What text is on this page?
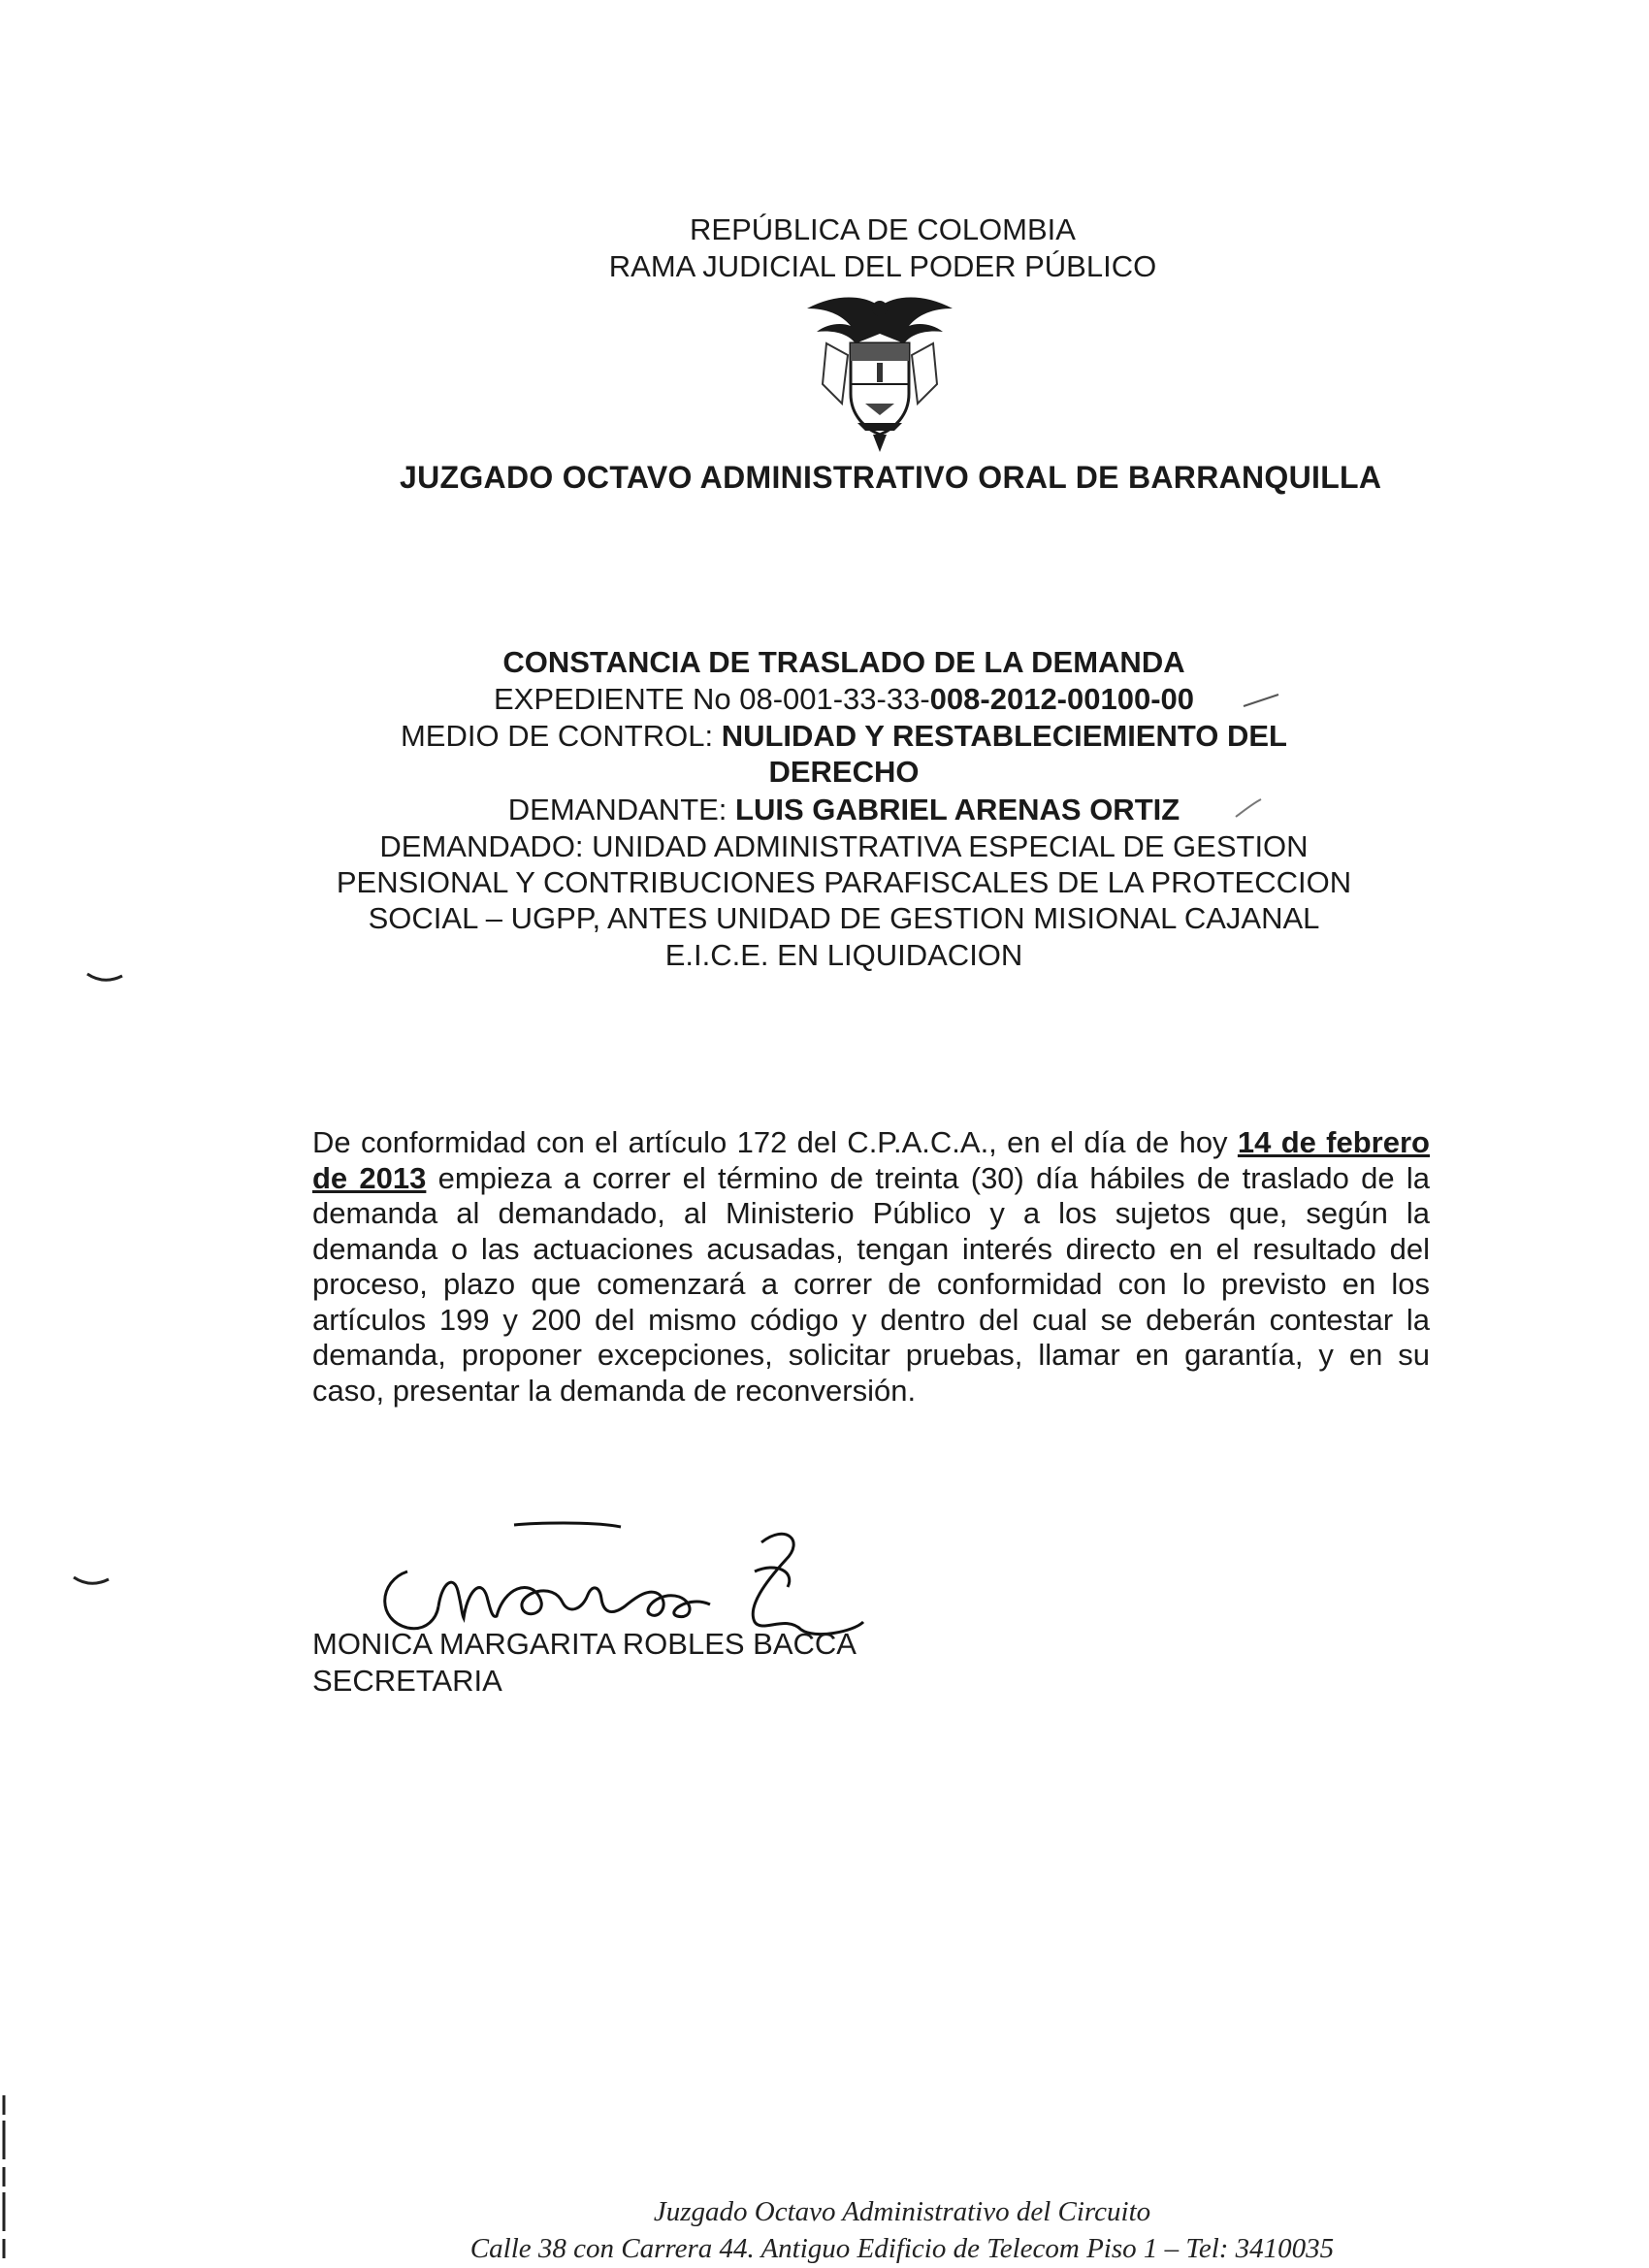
REPÚBLICA DE COLOMBIA
RAMA JUDICIAL DEL PODER PÚBLICO
JUZGADO OCTAVO ADMINISTRATIVO ORAL DE BARRANQUILLA
CONSTANCIA DE TRASLADO DE LA DEMANDA
EXPEDIENTE No 08-001-33-33-008-2012-00100-00
MEDIO DE CONTROL: NULIDAD Y RESTABLECIEMIENTO DEL
DERECHO
DEMANDANTE: LUIS GABRIEL ARENAS ORTIZ
DEMANDADO: UNIDAD ADMINISTRATIVA ESPECIAL DE GESTION
PENSIONAL Y CONTRIBUCIONES PARAFISCALES DE LA PROTECCION
SOCIAL – UGPP, ANTES UNIDAD DE GESTION MISIONAL CAJANAL
E.I.C.E. EN LIQUIDACION
De conformidad con el artículo 172 del C.P.A.C.A., en el día de hoy 14 de febrero de 2013 empieza a correr el término de treinta (30) día hábiles de traslado de la demanda al demandado, al Ministerio Público y a los sujetos que, según la demanda o las actuaciones acusadas, tengan interés directo en el resultado del proceso, plazo que comenzará a correr de conformidad con lo previsto en los artículos 199 y 200 del mismo código y dentro del cual se deberán contestar la demanda, proponer excepciones, solicitar pruebas, llamar en garantía, y en su caso, presentar la demanda de reconversión.
MONICA MARGARITA ROBLES BACCA
SECRETARIA
Juzgado Octavo Administrativo del Circuito
Calle 38 con Carrera 44. Antiguo Edificio de Telecom Piso 1 – Tel: 3410035
